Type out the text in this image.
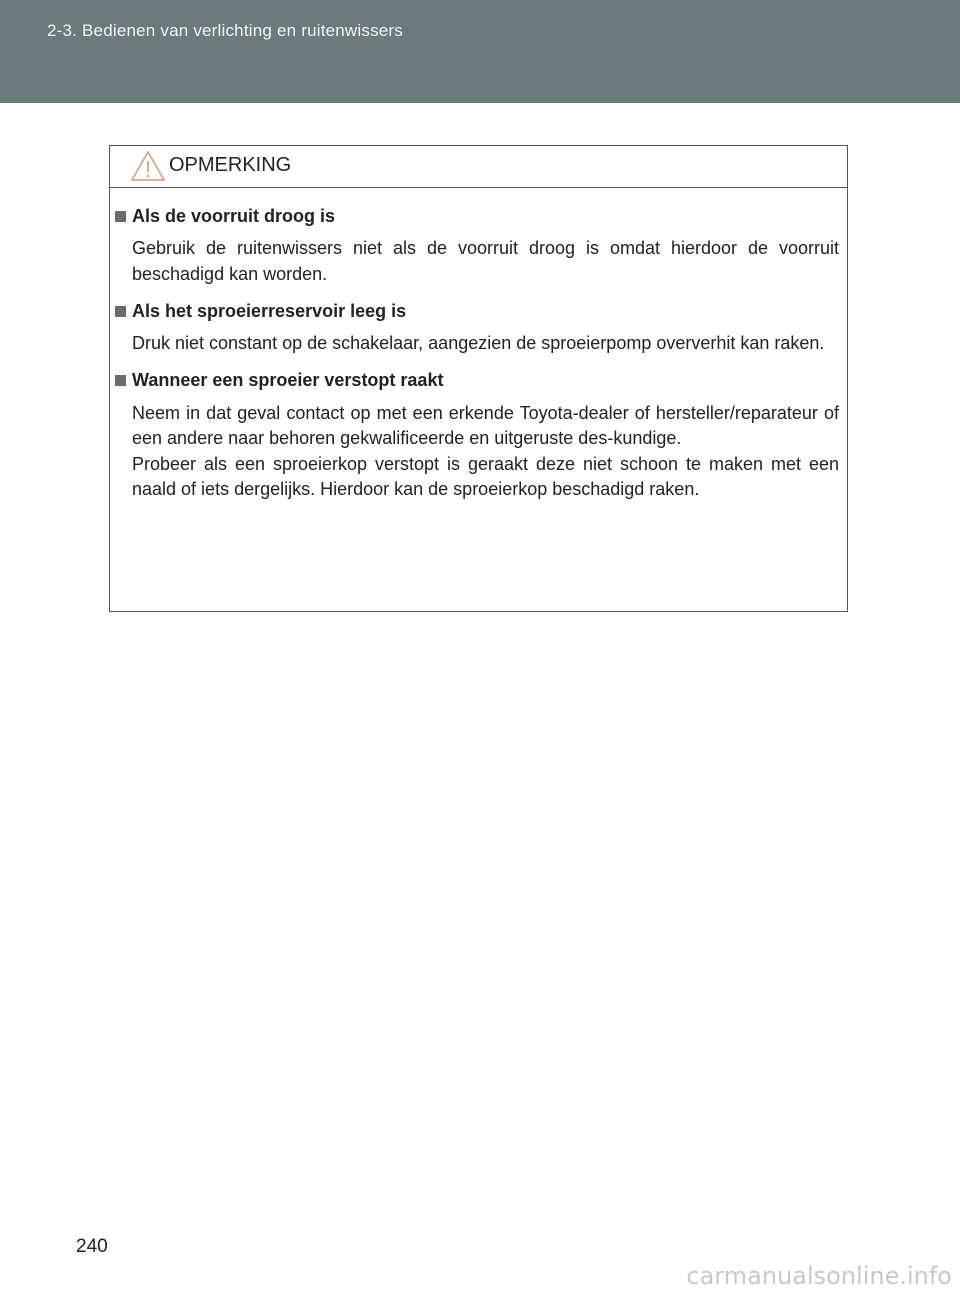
2-3. Bedienen van verlichting en ruitenwissers
OPMERKING
Als de voorruit droog is

Gebruik de ruitenwissers niet als de voorruit droog is omdat hierdoor de voorruit beschadigd kan worden.

Als het sproeierreservoir leeg is

Druk niet constant op de schakelaar, aangezien de sproeierpomp oververhit kan raken.

Wanneer een sproeier verstopt raakt

Neem in dat geval contact op met een erkende Toyota-dealer of hersteller/reparateur of een andere naar behoren gekwalificeerde en uitgeruste des-kundige.

Probeer als een sproeierkop verstopt is geraakt deze niet schoon te maken met een naald of iets dergelijks. Hierdoor kan de sproeierkop beschadigd raken.

240
carmanualsonline.info
